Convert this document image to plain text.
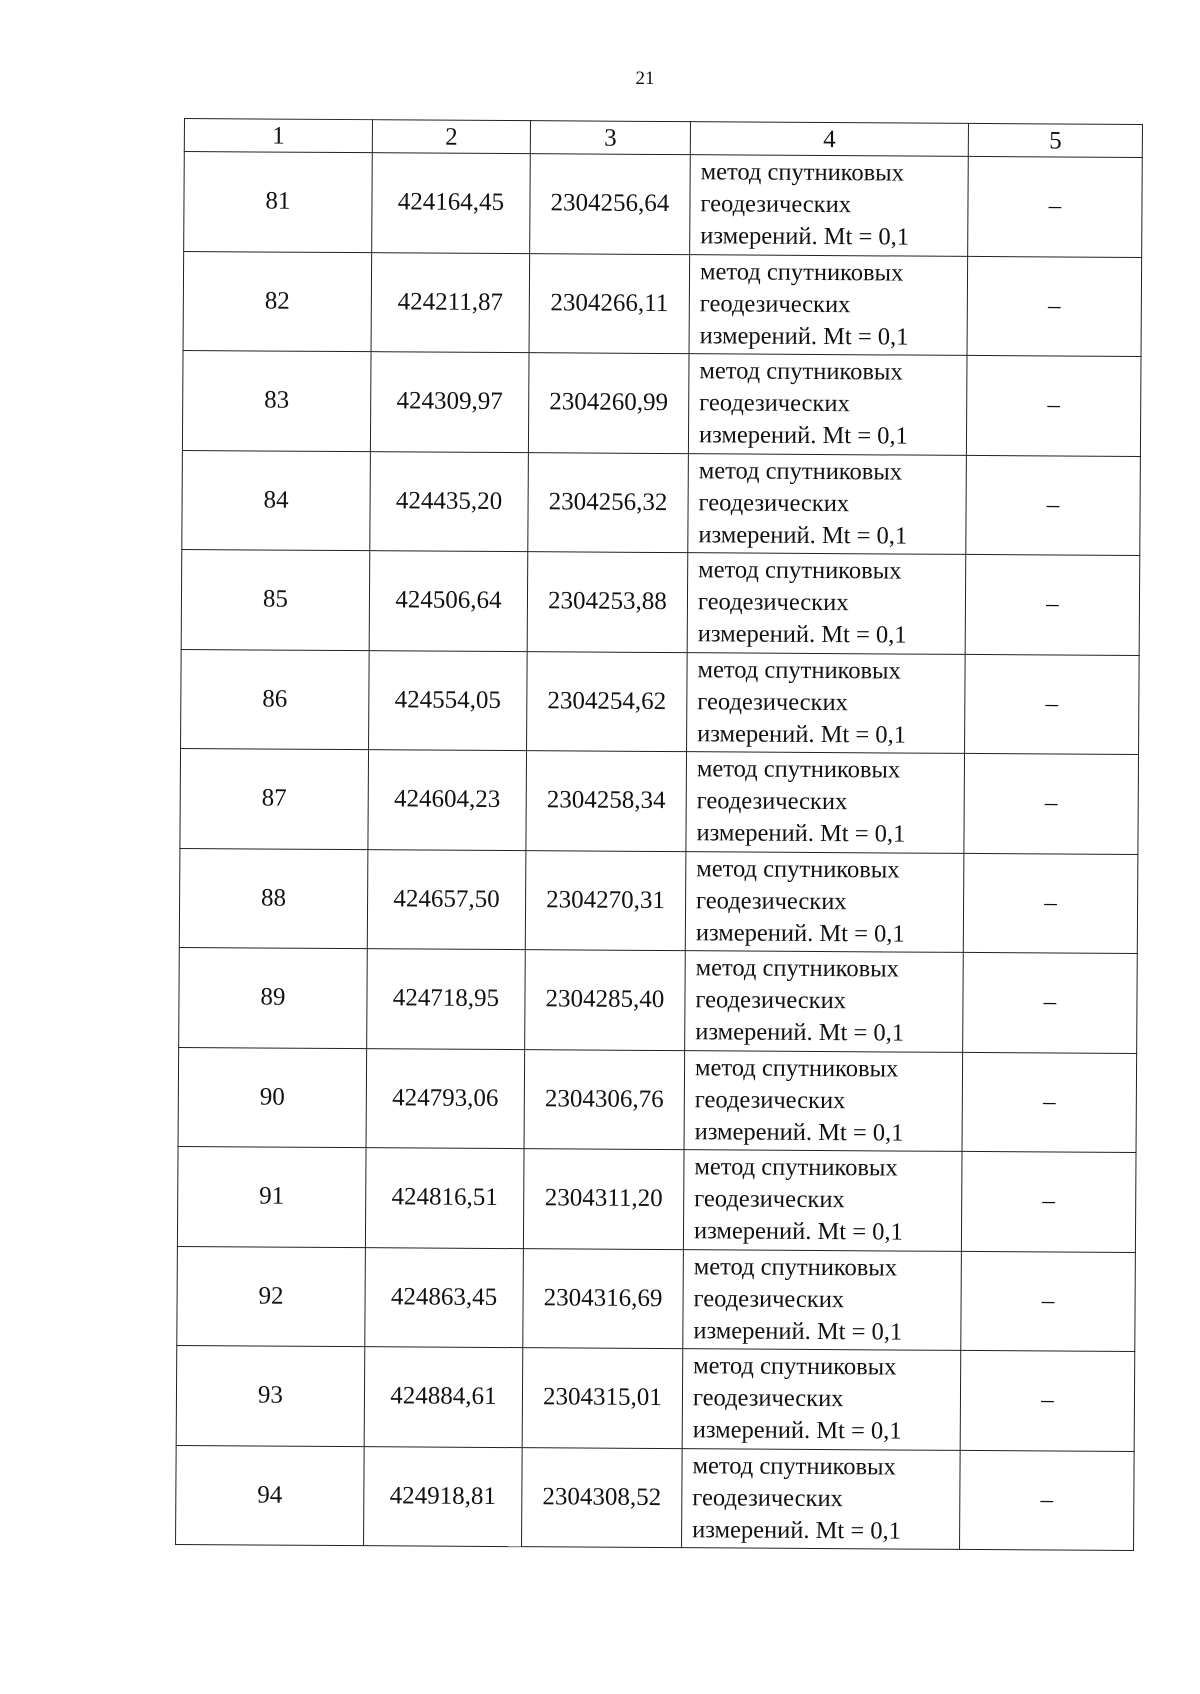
21
1	2	3	4	5
81	424164,45	2304256,64	метод спутниковых
геодезических
измерений. Mt = 0,1	–
82	424211,87	2304266,11	метод спутниковых
геодезических
измерений. Mt = 0,1	–
83	424309,97	2304260,99	метод спутниковых
геодезических
измерений. Mt = 0,1	–
84	424435,20	2304256,32	метод спутниковых
геодезических
измерений. Mt = 0,1	–
85	424506,64	2304253,88	метод спутниковых
геодезических
измерений. Mt = 0,1	–
86	424554,05	2304254,62	метод спутниковых
геодезических
измерений. Mt = 0,1	–
87	424604,23	2304258,34	метод спутниковых
геодезических
измерений. Mt = 0,1	–
88	424657,50	2304270,31	метод спутниковых
геодезических
измерений. Mt = 0,1	–
89	424718,95	2304285,40	метод спутниковых
геодезических
измерений. Mt = 0,1	–
90	424793,06	2304306,76	метод спутниковых
геодезических
измерений. Mt = 0,1	–
91	424816,51	2304311,20	метод спутниковых
геодезических
измерений. Mt = 0,1	–
92	424863,45	2304316,69	метод спутниковых
геодезических
измерений. Mt = 0,1	–
93	424884,61	2304315,01	метод спутниковых
геодезических
измерений. Mt = 0,1	–
94	424918,81	2304308,52	метод спутниковых
геодезических
измерений. Mt = 0,1	–
